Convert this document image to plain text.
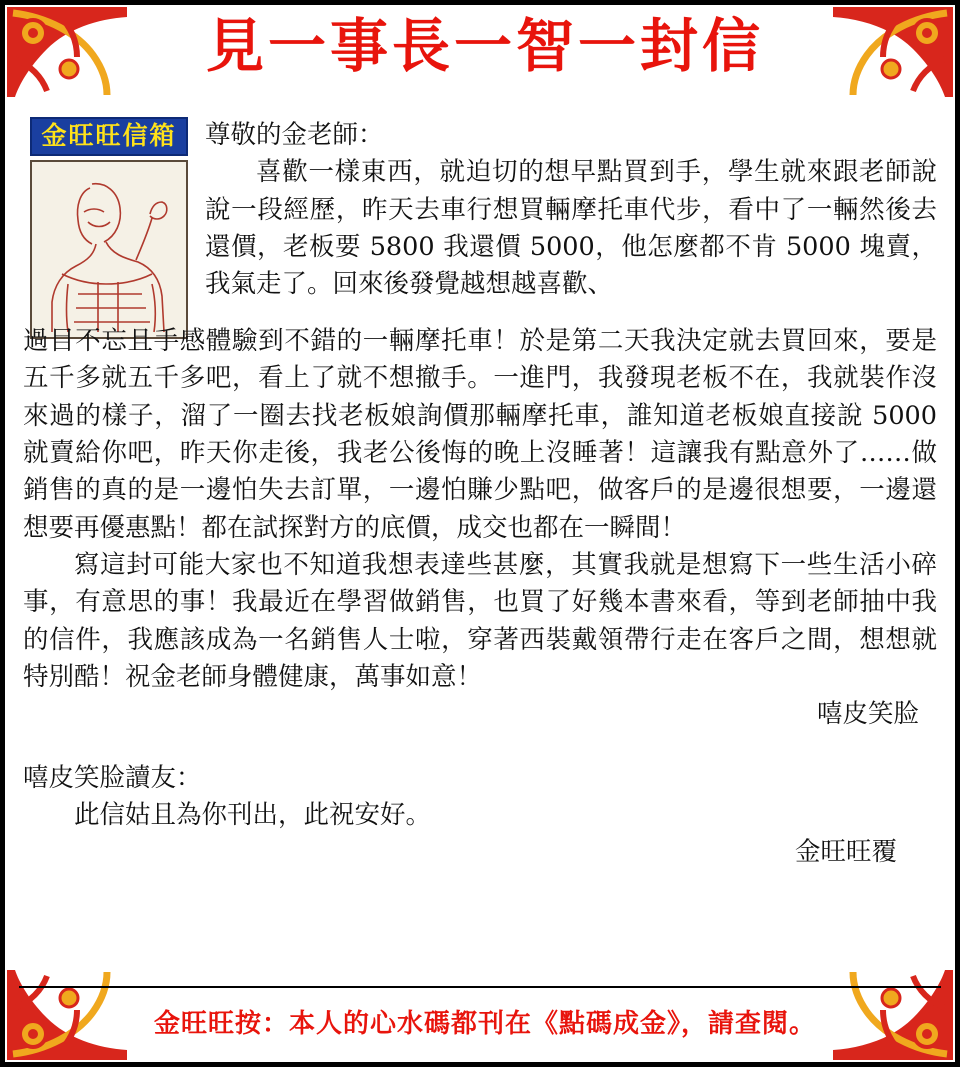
見一事長一智一封信
金旺旺信箱	尊敬的金老師：

喜歡一樣東西，就迫切的想早點買到手，學生就來跟老師說說一段經歷，昨天去車行想買輛摩托車代步，看中了一輛然後去還價，老板要 5800 我還價 5000，他怎麼都不肯 5000 塊賣，我氣走了。回來後發覺越想越喜歡、

過目不忘且手感體驗到不錯的一輛摩托車！於是第二天我決定就去買回來，要是五千多就五千多吧，看上了就不想撤手。一進門，我發現老板不在，我就裝作沒來過的樣子，溜了一圈去找老板娘詢價那輛摩托車，誰知道老板娘直接說 5000 就賣給你吧，昨天你走後，我老公後悔的晚上沒睡著！這讓我有點意外了……做銷售的真的是一邊怕失去訂單，一邊怕賺少點吧，做客戶的是邊很想要，一邊還想要再優惠點！都在試探對方的底價，成交也都在一瞬間！

寫這封可能大家也不知道我想表達些甚麼，其實我就是想寫下一些生活小碎事，有意思的事！我最近在學習做銷售，也買了好幾本書來看，等到老師抽中我的信件，我應該成為一名銷售人士啦，穿著西裝戴領帶行走在客戶之間，想想就特別酷！祝金老師身體健康，萬事如意！

嘻皮笑脸

嘻皮笑脸讀友：

此信姑且為你刊出，此祝安好。

金旺旺覆

金旺旺按：本人的心水碼都刊在《點碼成金》，請查閱。
